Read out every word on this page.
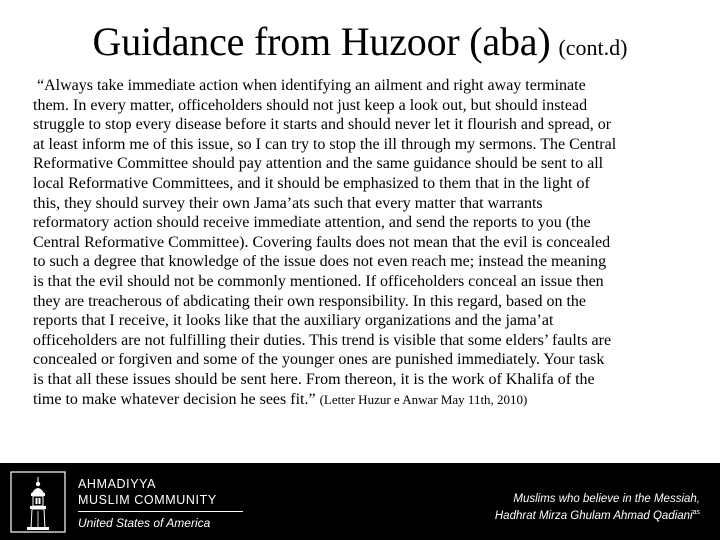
Guidance from Huzoor (aba) (cont.d)
“Always take immediate action when identifying an ailment and right away terminate
them. In every matter, officeholders should not just keep a look out, but should instead
struggle to stop every disease before it starts and should never let it flourish and spread, or
at least inform me of this issue, so I can try to stop the ill through my sermons. The Central
Reformative Committee should pay attention and the same guidance should be sent to all
local Reformative Committees, and it should be emphasized to them that in the light of
this, they should survey their own Jama’ats such that every matter that warrants
reformatory action should receive immediate attention, and send the reports to you (the
Central Reformative Committee). Covering faults does not mean that the evil is concealed
to such a degree that knowledge of the issue does not even reach me; instead the meaning
is that the evil should not be commonly mentioned. If officeholders conceal an issue then
they are treacherous of abdicating their own responsibility. In this regard, based on the
reports that I receive, it looks like that the auxiliary organizations and the jama’at
officeholders are not fulfilling their duties. This trend is visible that some elders’ faults are
concealed or forgiven and some of the younger ones are punished immediately. Your task
is that all these issues should be sent here. From thereon, it is the work of Khalifa of the
time to make whatever decision he sees fit.” (Letter Huzur e Anwar May 11th, 2010)
AHMADIYYA
MUSLIM COMMUNITY
United States of America
Muslims who believe in the Messiah,
Hadhrat Mirza Ghulam Ahmad Qadiani$^{as}$
